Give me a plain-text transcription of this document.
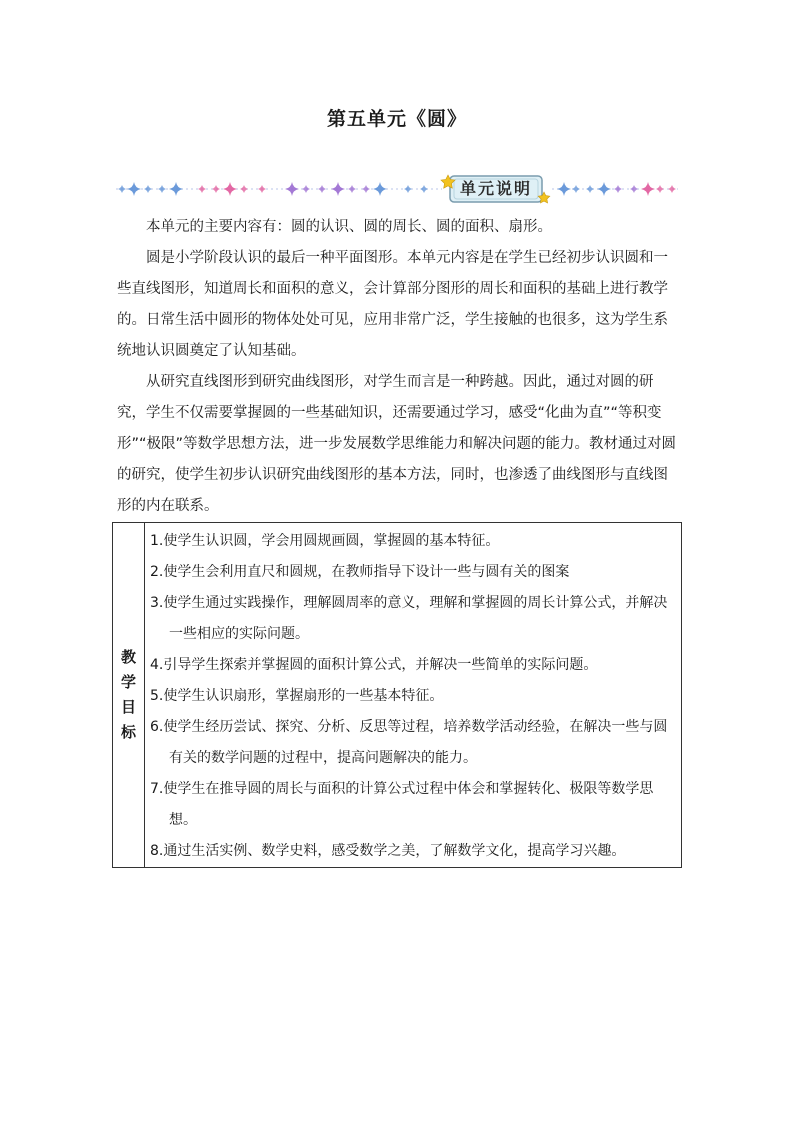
第五单元《圆》
单元说明

本单元的主要内容有：圆的认识、圆的周长、圆的面积、扇形。

圆是小学阶段认识的最后一种平面图形。本单元内容是在学生已经初步认识圆和一些直线图形，知道周长和面积的意义，会计算部分图形的周长和面积的基础上进行教学的。日常生活中圆形的物体处处可见，应用非常广泛，学生接触的也很多，这为学生系统地认识圆奠定了认知基础。

从研究直线图形到研究曲线图形，对学生而言是一种跨越。因此，通过对圆的研究，学生不仅需要掌握圆的一些基础知识，还需要通过学习，感受“化曲为直”“等积变形”“极限”等数学思想方法，进一步发展数学思维能力和解决问题的能力。教材通过对圆的研究，使学生初步认识研究曲线图形的基本方法，同时，也渗透了曲线图形与直线图形的内在联系。

教
学
目
标

1.使学生认识圆，学会用圆规画圆，掌握圆的基本特征。
2.使学生会利用直尺和圆规，在教师指导下设计一些与圆有关的图案
3.使学生通过实践操作，理解圆周率的意义，理解和掌握圆的周长计算公式，并解决一些相应的实际问题。
4.引导学生探索并掌握圆的面积计算公式，并解决一些简单的实际问题。
5.使学生认识扇形，掌握扇形的一些基本特征。
6.使学生经历尝试、探究、分析、反思等过程，培养数学活动经验，在解决一些与圆有关的数学问题的过程中，提高问题解决的能力。
7.使学生在推导圆的周长与面积的计算公式过程中体会和掌握转化、极限等数学思想。
8.通过生活实例、数学史料，感受数学之美，了解数学文化，提高学习兴趣。
